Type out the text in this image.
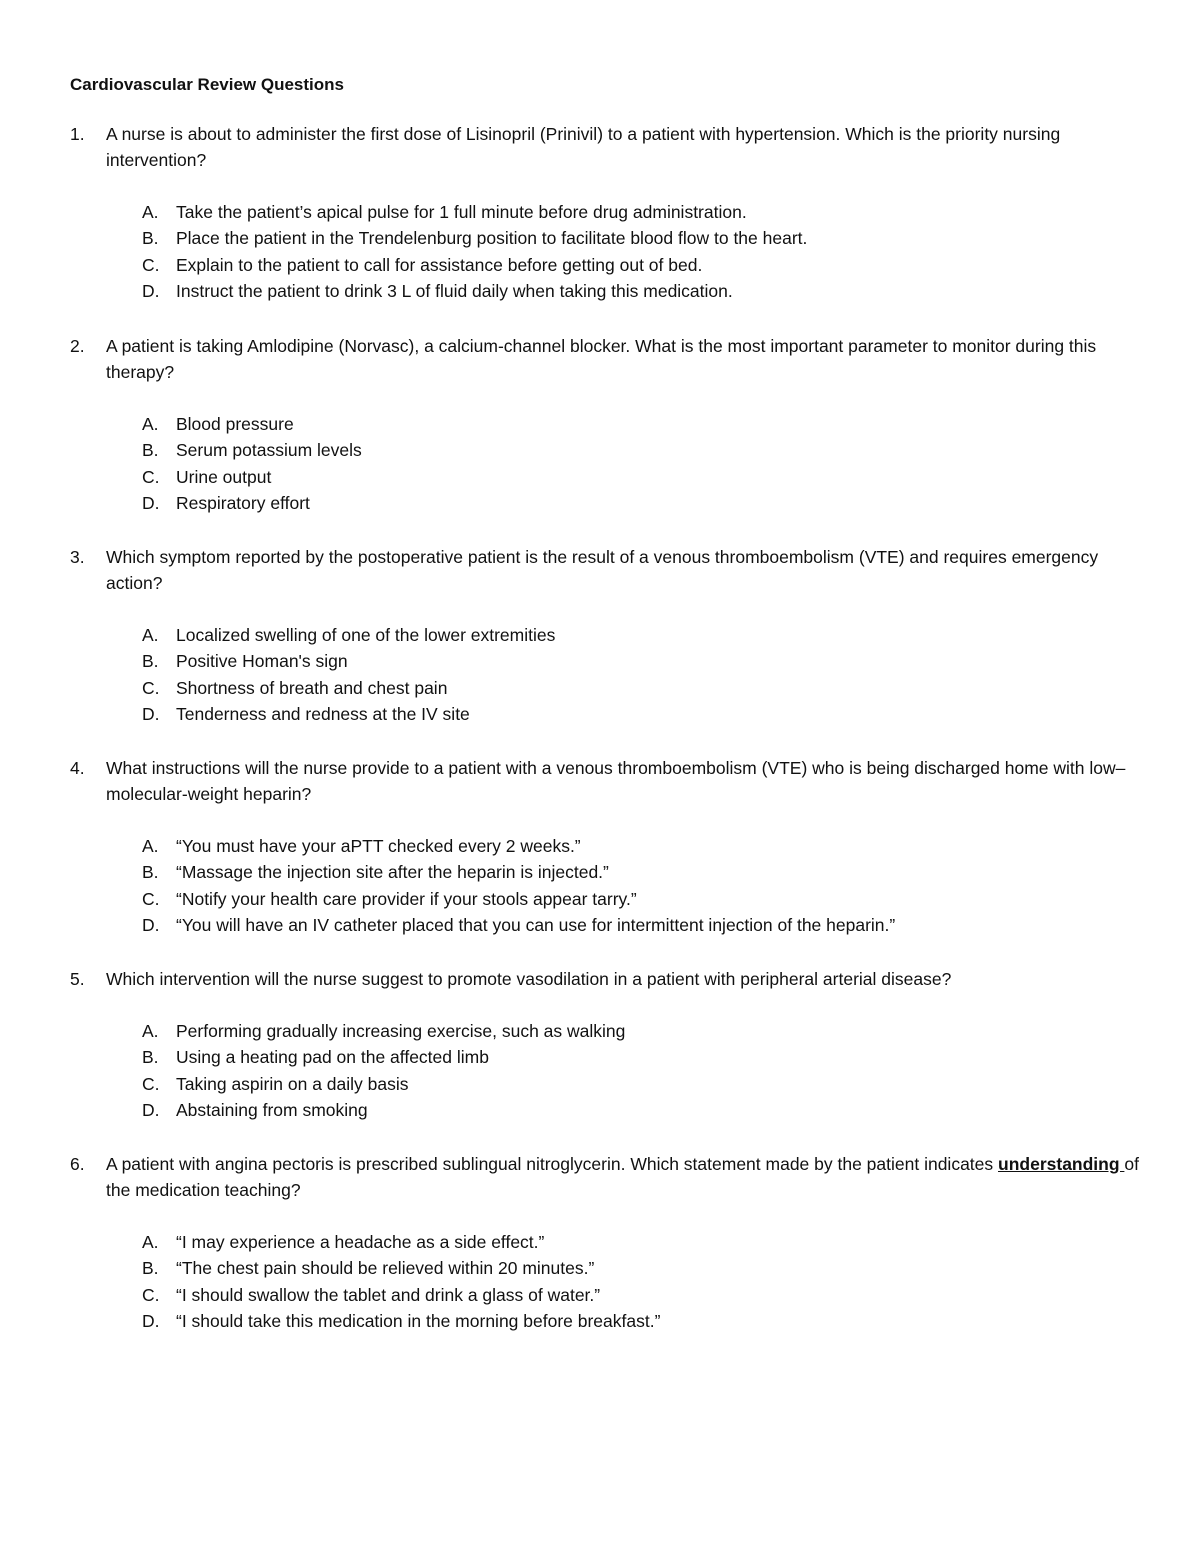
Cardiovascular Review Questions
1. A nurse is about to administer the first dose of Lisinopril (Prinivil) to a patient with hypertension. Which is the priority nursing intervention?
A. Take the patient’s apical pulse for 1 full minute before drug administration.
B. Place the patient in the Trendelenburg position to facilitate blood flow to the heart.
C. Explain to the patient to call for assistance before getting out of bed.
D. Instruct the patient to drink 3 L of fluid daily when taking this medication.
2. A patient is taking Amlodipine (Norvasc), a calcium-channel blocker. What is the most important parameter to monitor during this therapy?
A. Blood pressure
B. Serum potassium levels
C. Urine output
D. Respiratory effort
3. Which symptom reported by the postoperative patient is the result of a venous thromboembolism (VTE) and requires emergency action?
A. Localized swelling of one of the lower extremities
B. Positive Homan's sign
C. Shortness of breath and chest pain
D. Tenderness and redness at the IV site
4. What instructions will the nurse provide to a patient with a venous thromboembolism (VTE) who is being discharged home with low–molecular-weight heparin?
A. “You must have your aPTT checked every 2 weeks.”
B. “Massage the injection site after the heparin is injected.”
C. “Notify your health care provider if your stools appear tarry.”
D. “You will have an IV catheter placed that you can use for intermittent injection of the heparin.”
5. Which intervention will the nurse suggest to promote vasodilation in a patient with peripheral arterial disease?
A. Performing gradually increasing exercise, such as walking
B. Using a heating pad on the affected limb
C. Taking aspirin on a daily basis
D. Abstaining from smoking
6. A patient with angina pectoris is prescribed sublingual nitroglycerin. Which statement made by the patient indicates understanding of the medication teaching?
A. “I may experience a headache as a side effect.”
B. “The chest pain should be relieved within 20 minutes.”
C. “I should swallow the tablet and drink a glass of water.”
D. “I should take this medication in the morning before breakfast.”
